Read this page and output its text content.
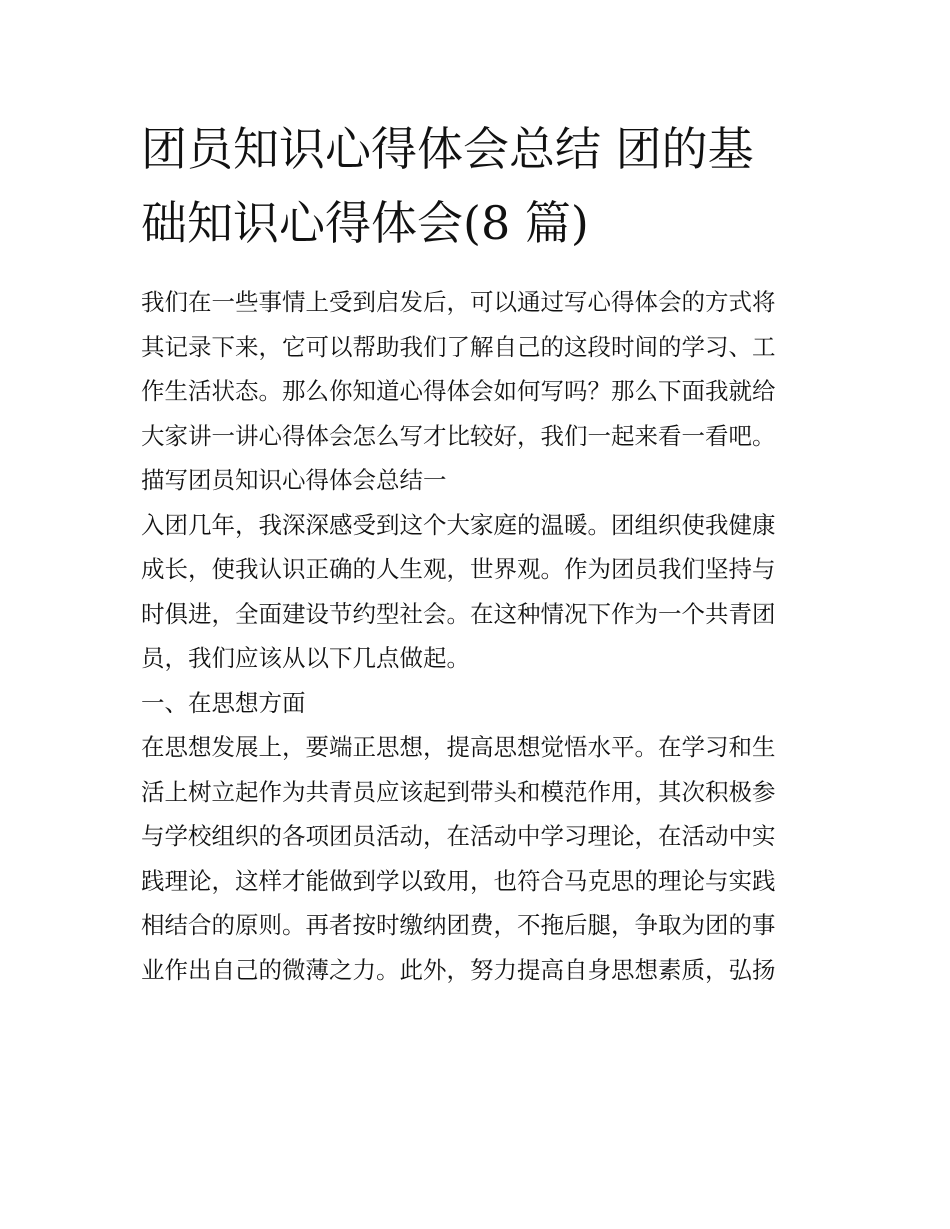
团员知识心得体会总结 团的基
础知识心得体会(8 篇)
我们在一些事情上受到启发后，可以通过写心得体会的方式将
其记录下来，它可以帮助我们了解自己的这段时间的学习、工
作生活状态。那么你知道心得体会如何写吗？那么下面我就给
大家讲一讲心得体会怎么写才比较好，我们一起来看一看吧。
描写团员知识心得体会总结一
入团几年，我深深感受到这个大家庭的温暖。团组织使我健康
成长，使我认识正确的人生观，世界观。作为团员我们坚持与
时俱进，全面建设节约型社会。在这种情况下作为一个共青团
员，我们应该从以下几点做起。
一、在思想方面
在思想发展上，要端正思想，提高思想觉悟水平。在学习和生
活上树立起作为共青员应该起到带头和模范作用，其次积极参
与学校组织的各项团员活动，在活动中学习理论，在活动中实
践理论，这样才能做到学以致用，也符合马克思的理论与实践
相结合的原则。再者按时缴纳团费，不拖后腿，争取为团的事
业作出自己的微薄之力。此外，努力提高自身思想素质，弘扬
